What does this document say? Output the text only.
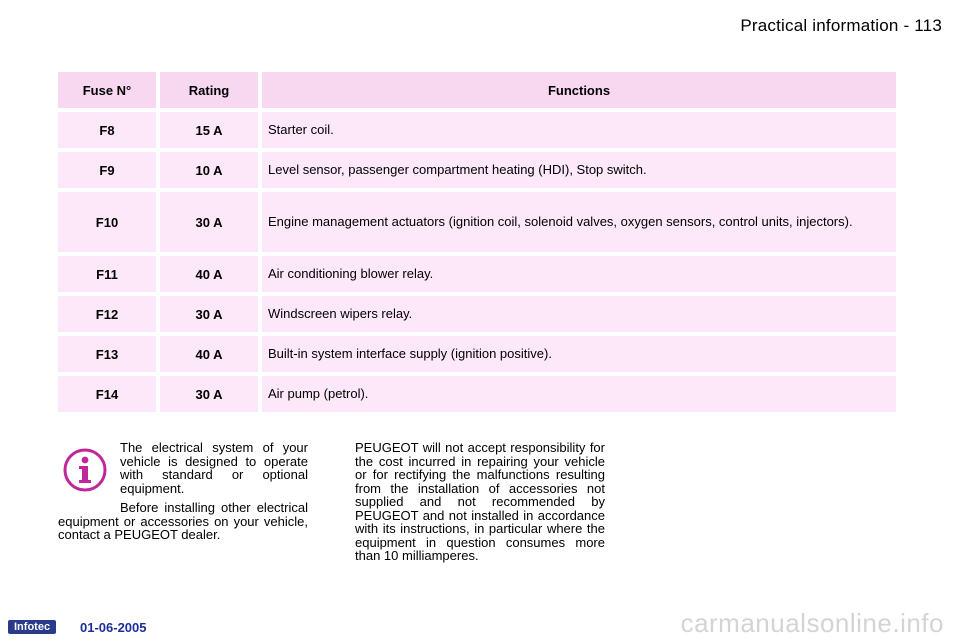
Practical information - 113
Fuse N°	Rating	Functions
F8	15 A	Starter coil.
F9	10 A	Level sensor, passenger compartment heating (HDI), Stop switch.
F10	30 A	Engine management actuators (ignition coil, solenoid valves, oxygen sensors, control units, injectors).
F11	40 A	Air conditioning blower relay.
F12	30 A	Windscreen wipers relay.
F13	40 A	Built-in system interface supply (ignition positive).
F14	30 A	Air pump (petrol).

The electrical system of your vehicle is designed to operate with standard or optional equipment.

Before installing other electrical equipment or accessories on your vehicle, contact a PEUGEOT dealer.

PEUGEOT will not accept responsibility for the cost incurred in repairing your vehicle or for rectifying the malfunctions resulting from the installation of accessories not supplied and not recommended by PEUGEOT and not installed in accordance with its instructions, in particular where the equipment in question consumes more than 10 milliamperes.
Infotec	01-06-2005	carmanualsonline.info
